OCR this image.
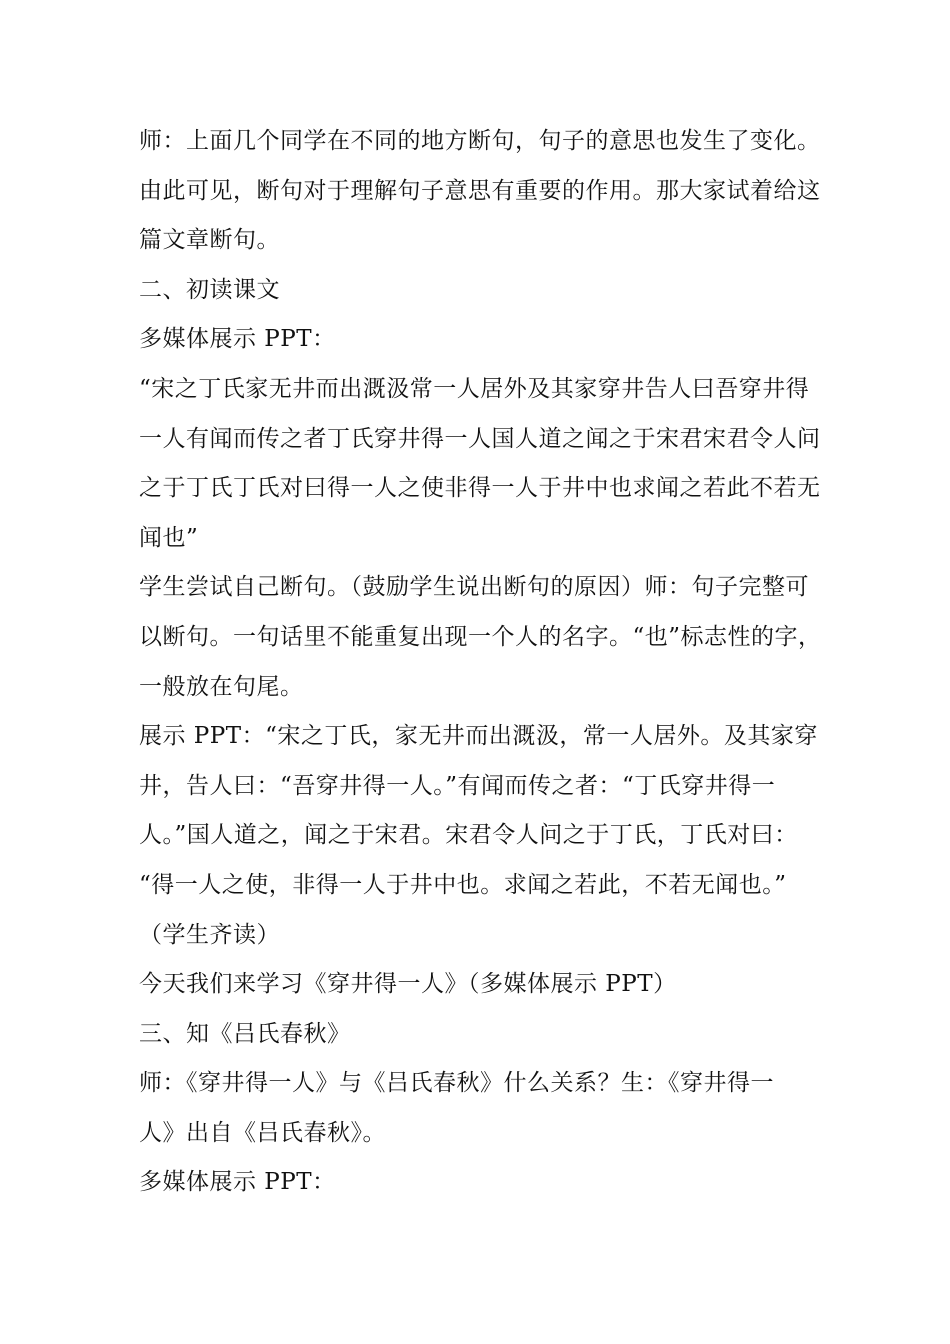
师：上面几个同学在不同的地方断句，句子的意思也发生了变化。
由此可见，断句对于理解句子意思有重要的作用。那大家试着给这
篇文章断句。
二、初读课文
多媒体展示 PPT：
“宋之丁氏家无井而出溉汲常一人居外及其家穿井告人曰吾穿井得
一人有闻而传之者丁氏穿井得一人国人道之闻之于宋君宋君令人问
之于丁氏丁氏对曰得一人之使非得一人于井中也求闻之若此不若无
闻也”
学生尝试自己断句。（鼓励学生说出断句的原因）师：句子完整可
以断句。一句话里不能重复出现一个人的名字。“也”标志性的字，
一般放在句尾。
展示 PPT：“宋之丁氏，家无井而出溉汲，常一人居外。及其家穿
井，告人曰：“吾穿井得一人。”有闻而传之者：“丁氏穿井得一
人。”国人道之，闻之于宋君。宋君令人问之于丁氏，丁氏对曰：
“得一人之使，非得一人于井中也。求闻之若此，不若无闻也。”
（学生齐读）
今天我们来学习《穿井得一人》（多媒体展示 PPT）
三、知《吕氏春秋》
师：《穿井得一人》与《吕氏春秋》什么关系？生：《穿井得一
人》出自《吕氏春秋》。
多媒体展示 PPT：
